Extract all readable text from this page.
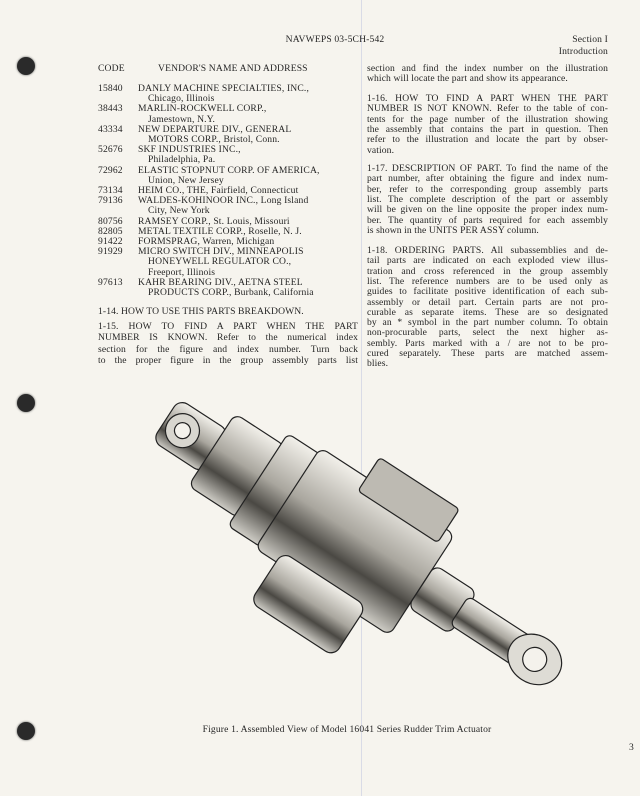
NAVWEPS 03-5CH-542	Section I
Introduction
CODE	VENDOR'S NAME AND ADDRESS
15840 DANLY MACHINE SPECIALTIES, INC.,
Chicago, Illinois
38443 MARLIN-ROCKWELL CORP.,
Jamestown, N.Y.
43334 NEW DEPARTURE DIV., GENERAL
MOTORS CORP., Bristol, Conn.
52676 SKF INDUSTRIES INC.,
Philadelphia, Pa.
72962 ELASTIC STOPNUT CORP. OF AMERICA,
Union, New Jersey
73134 HEIM CO., THE, Fairfield, Connecticut
79136 WALDES-KOHINOOR INC., Long Island
City, New York
80756 RAMSEY CORP., St. Louis, Missouri
82805 METAL TEXTILE CORP., Roselle, N. J.
91422 FORMSPRAG, Warren, Michigan
91929 MICRO SWITCH DIV., MINNEAPOLIS
HONEYWELL REGULATOR CO.,
Freeport, Illinois
97613 KAHR BEARING DIV., AETNA STEEL
PRODUCTS CORP., Burbank, California
1-14. HOW TO USE THIS PARTS BREAKDOWN.
1-15. HOW TO FIND A PART WHEN THE PART
NUMBER IS KNOWN. Refer to the numerical index
section for the figure and index number. Turn back
to the proper figure in the group assembly parts list
section and find the index number on the illustration
which will locate the part and show its appearance.
1-16. HOW TO FIND A PART WHEN THE PART
NUMBER IS NOT KNOWN. Refer to the table of con-
tents for the page number of the illustration showing
the assembly that contains the part in question. Then
refer to the illustration and locate the part by obser-
vation.
1-17. DESCRIPTION OF PART. To find the name of the
part number, after obtaining the figure and index num-
ber, refer to the corresponding group assembly parts
list. The complete description of the part or assembly
will be given on the line opposite the proper index num-
ber. The quantity of parts required for each assembly
is shown in the UNITS PER ASSY column.
1-18. ORDERING PARTS. All subassemblies and de-
tail parts are indicated on each exploded view illus-
tration and cross referenced in the group assembly
list. The reference numbers are to be used only as
guides to facilitate positive identification of each sub-
assembly or detail part. Certain parts are not pro-
curable as separate items. These are so designated
by an * symbol in the part number column. To obtain
non-procurable parts, select the next higher as-
sembly. Parts marked with a / are not to be pro-
cured separately. These parts are matched assem-
blies.
Figure 1. Assembled View of Model 16041 Series Rudder Trim Actuator
3
